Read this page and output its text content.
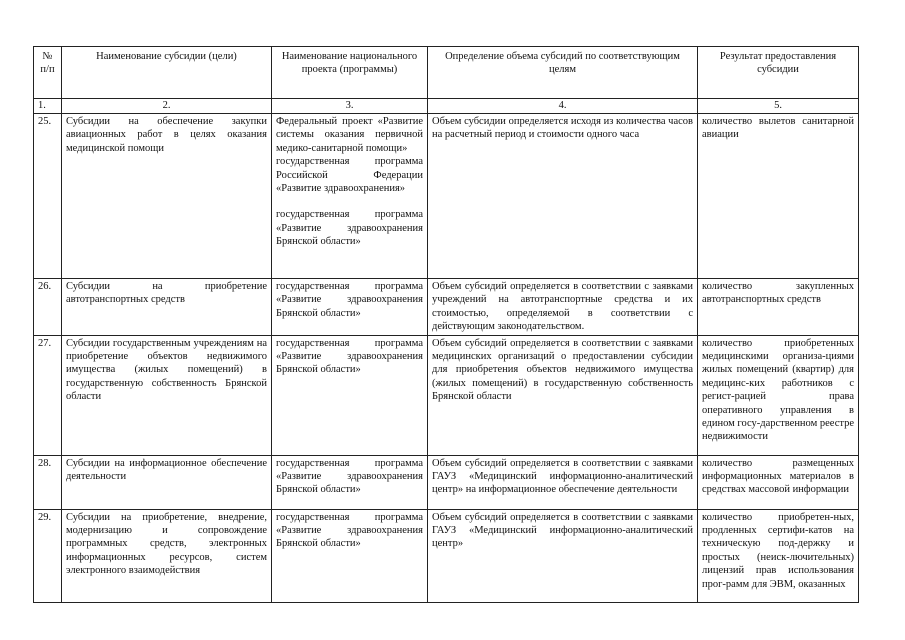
№ п/п	Наименование субсидии (цели)	Наименование национального проекта (программы)	Определение объема субсидий по соответствующим целям	Результат предоставления субсидии
1.	2.	3.	4.	5.
25.	Субсидии на обеспечение закупки авиационных работ в целях оказания медицинской помощи	Федеральный проект «Развитие системы оказания первичной медико-санитарной помощи»
государственная программа Российской Федерации «Развитие здравоохранения»
государственная программа «Развитие здравоохранения Брянской области»	Объем субсидии определяется исходя из количества часов на расчетный период и стоимости одного часа	количество вылетов санитарной авиации
26.	Субсидии на приобретение автотранспортных средств	государственная программа «Развитие здравоохранения Брянской области»	Объем субсидий определяется в соответствии с заявками учреждений на автотранспортные средства и их стоимостью, определяемой в соответствии с действующим законодательством.	количество закупленных автотранспортных средств
27.	Субсидии государственным учреждениям на приобретение объектов недвижимого имущества (жилых помещений) в государственную собственность Брянской области	государственная программа «Развитие здравоохранения Брянской области»	Объем субсидий определяется в соответствии с заявками медицинских организаций о предоставлении субсидии для приобретения объектов недвижимого имущества (жилых помещений) в государственную собственность Брянской области	количество приобретенных медицинскими организа-циями жилых помещений (квартир) для медицинс-ких работников с регист-рацией права оперативного управления в едином госу-дарственном реестре недвижимости
28.	Субсидии на информационное обеспечение деятельности	государственная программа «Развитие здравоохранения Брянской области»	Объем субсидий определяется в соответствии с заявками ГАУЗ «Медицинский информационно-аналитический центр» на информационное обеспечение деятельности	количество размещенных информационных материалов в средствах массовой информации
29.	Субсидии на приобретение, внедрение, модернизацию и сопровождение программных средств, электронных информационных ресурсов, систем электронного взаимодействия	государственная программа «Развитие здравоохранения Брянской области»	Объем субсидий определяется в соответствии с заявками ГАУЗ «Медицинский информационно-аналитический центр»	количество приобретен-ных, продленных сертифи-катов на техническую под-держку и простых (неиск-лючительных) лицензий прав использования прог-рамм для ЭВМ, оказанных
